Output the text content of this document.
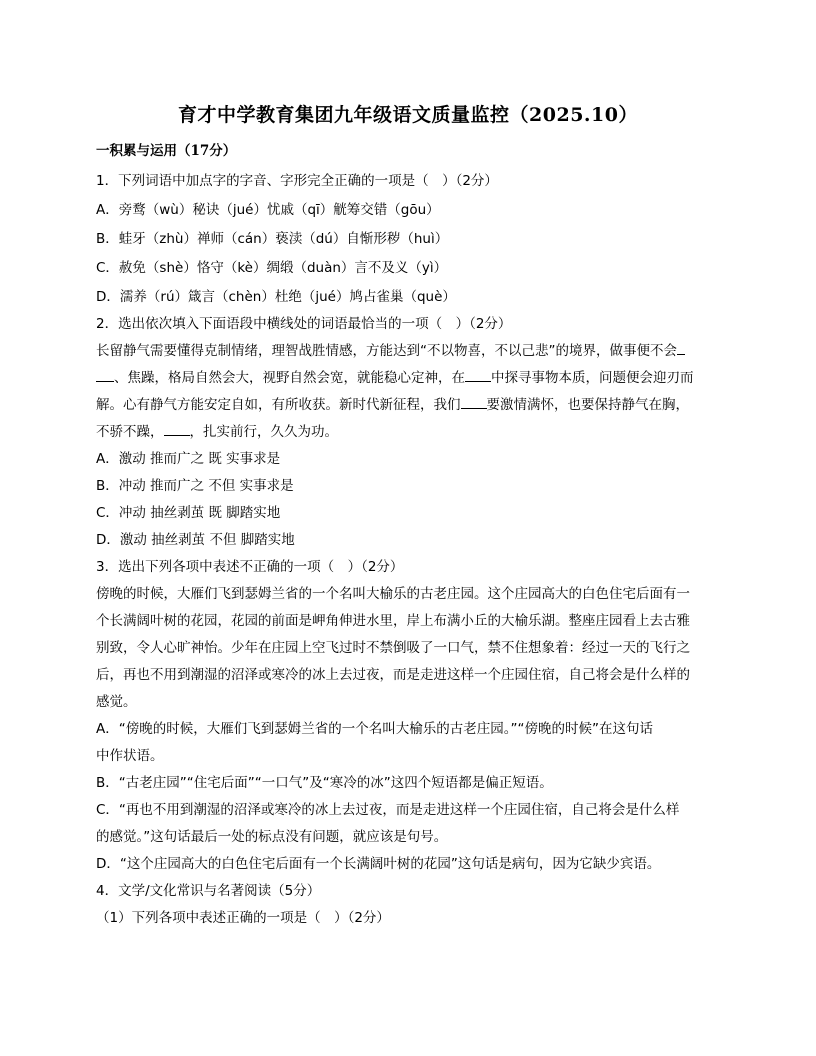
育才中学教育集团九年级语文质量监控（2025.10）
一积累与运用（17分）
1．下列词语中加点字的字音、字形完全正确的一项是（　）（2分）
A．旁鹜（wù）秘诀（jué）忧戚（qī）觥筹交错（gōu）
B．蛙牙（zhù）禅师（cán）亵渎（dú）自惭形秽（huì）
C．赦免（shè）恪守（kè）绸缎（duàn）言不及义（yì）
D．濡养（rú）箴言（chèn）杜绝（jué）鸠占雀巢（què）
2．选出依次填入下面语段中横线处的词语最恰当的一项（　）（2分）
长留静气需要懂得克制情绪，理智战胜情感，方能达到“不以物喜，不以己悲”的境界，做事便不会
、焦躁，格局自然会大，视野自然会宽，就能稳心定神，在 中探寻事物本质，问题便会迎刃而
解。心有静气方能安定自如，有所收获。新时代新征程，我们 要激情满怀，也要保持静气在胸，
不骄不躁， ，扎实前行，久久为功。
A．激动 推而广之 既 实事求是
B．冲动 推而广之 不但 实事求是
C．冲动 抽丝剥茧 既 脚踏实地
D．激动 抽丝剥茧 不但 脚踏实地
3．选出下列各项中表述不正确的一项（　）（2分）
傍晚的时候，大雁们飞到瑟姆兰省的一个名叫大榆乐的古老庄园。这个庄园高大的白色住宅后面有一
个长满阔叶树的花园，花园的前面是岬角伸进水里，岸上布满小丘的大榆乐湖。整座庄园看上去古雅
别致，令人心旷神怡。少年在庄园上空飞过时不禁倒吸了一口气，禁不住想象着：经过一天的飞行之
后，再也不用到潮湿的沼泽或寒冷的冰上去过夜，而是走进这样一个庄园住宿，自己将会是什么样的
感觉。
A．“傍晚的时候，大雁们飞到瑟姆兰省的一个名叫大榆乐的古老庄园。”“傍晚的时候”在这句话
中作状语。
B．“古老庄园”“住宅后面”“一口气”及“寒冷的冰”这四个短语都是偏正短语。
C．“再也不用到潮湿的沼泽或寒冷的冰上去过夜，而是走进这样一个庄园住宿，自己将会是什么样
的感觉。”这句话最后一处的标点没有问题，就应该是句号。
D．“这个庄园高大的白色住宅后面有一个长满阔叶树的花园”这句话是病句，因为它缺少宾语。
4．文学/文化常识与名著阅读（5分）
（1）下列各项中表述正确的一项是（　）（2分）
